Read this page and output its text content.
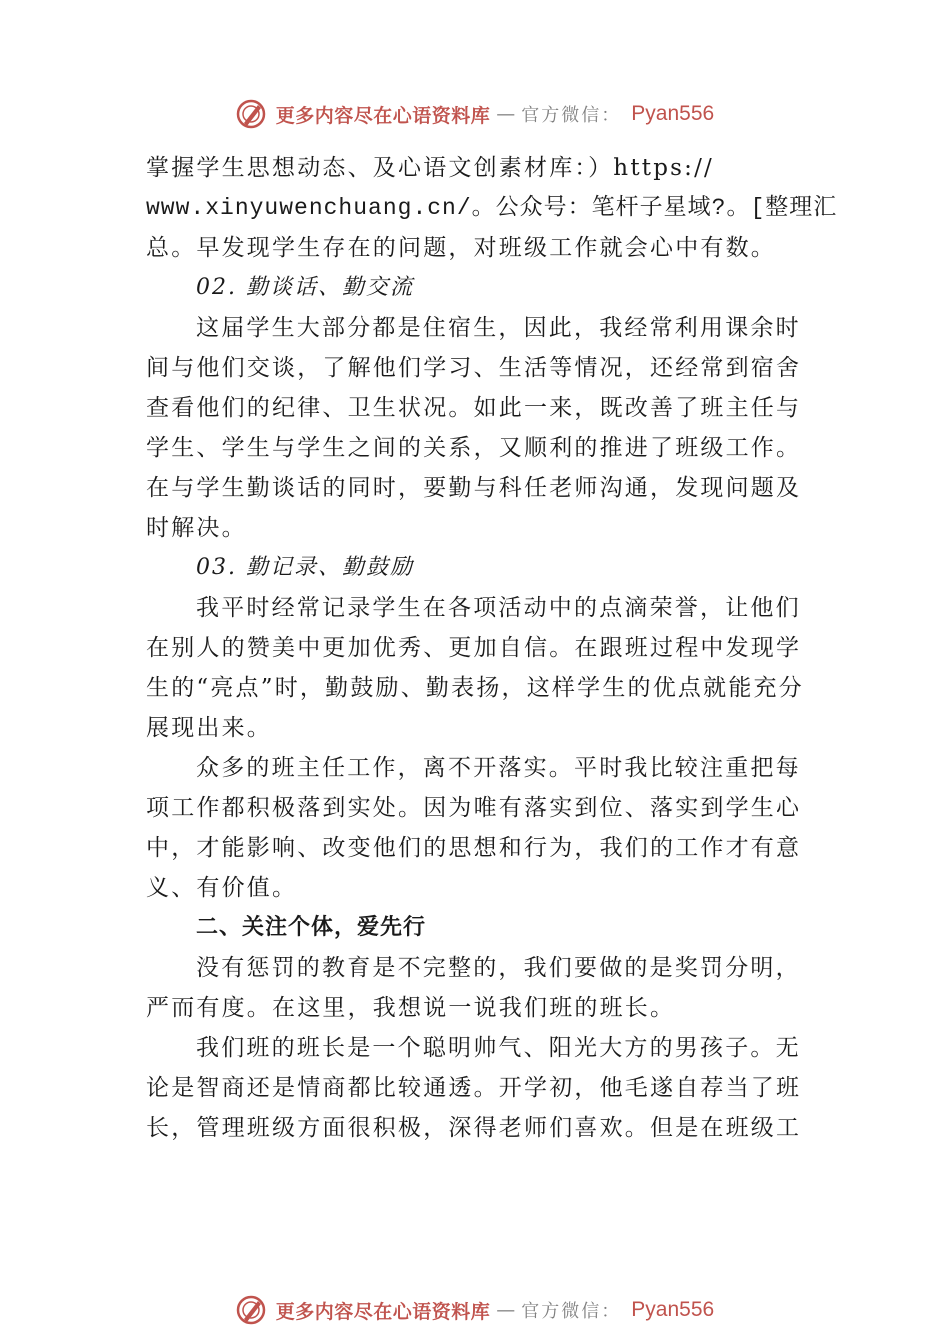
更多内容尽在心语资料库 — 官方微信： Pyan556
掌握学生思想动态、及心语文创素材库：）https://
www.xinyuwenchuang.cn/。公众号：笔杆子星域?。[整理汇
总。早发现学生存在的问题，对班级工作就会心中有数。
02. 勤谈话、勤交流
这届学生大部分都是住宿生，因此，我经常利用课余时
间与他们交谈，了解他们学习、生活等情况，还经常到宿舍
查看他们的纪律、卫生状况。如此一来，既改善了班主任与
学生、学生与学生之间的关系，又顺利的推进了班级工作。
在与学生勤谈话的同时，要勤与科任老师沟通，发现问题及
时解决。
03. 勤记录、勤鼓励
我平时经常记录学生在各项活动中的点滴荣誉，让他们
在别人的赞美中更加优秀、更加自信。在跟班过程中发现学
生的“亮点”时，勤鼓励、勤表扬，这样学生的优点就能充分
展现出来。
众多的班主任工作，离不开落实。平时我比较注重把每
项工作都积极落到实处。因为唯有落实到位、落实到学生心
中，才能影响、改变他们的思想和行为，我们的工作才有意
义、有价值。
二、关注个体，爱先行
没有惩罚的教育是不完整的，我们要做的是奖罚分明，
严而有度。在这里，我想说一说我们班的班长。
我们班的班长是一个聪明帅气、阳光大方的男孩子。无
论是智商还是情商都比较通透。开学初，他毛遂自荐当了班
长，管理班级方面很积极，深得老师们喜欢。但是在班级工
更多内容尽在心语资料库 — 官方微信： Pyan556
